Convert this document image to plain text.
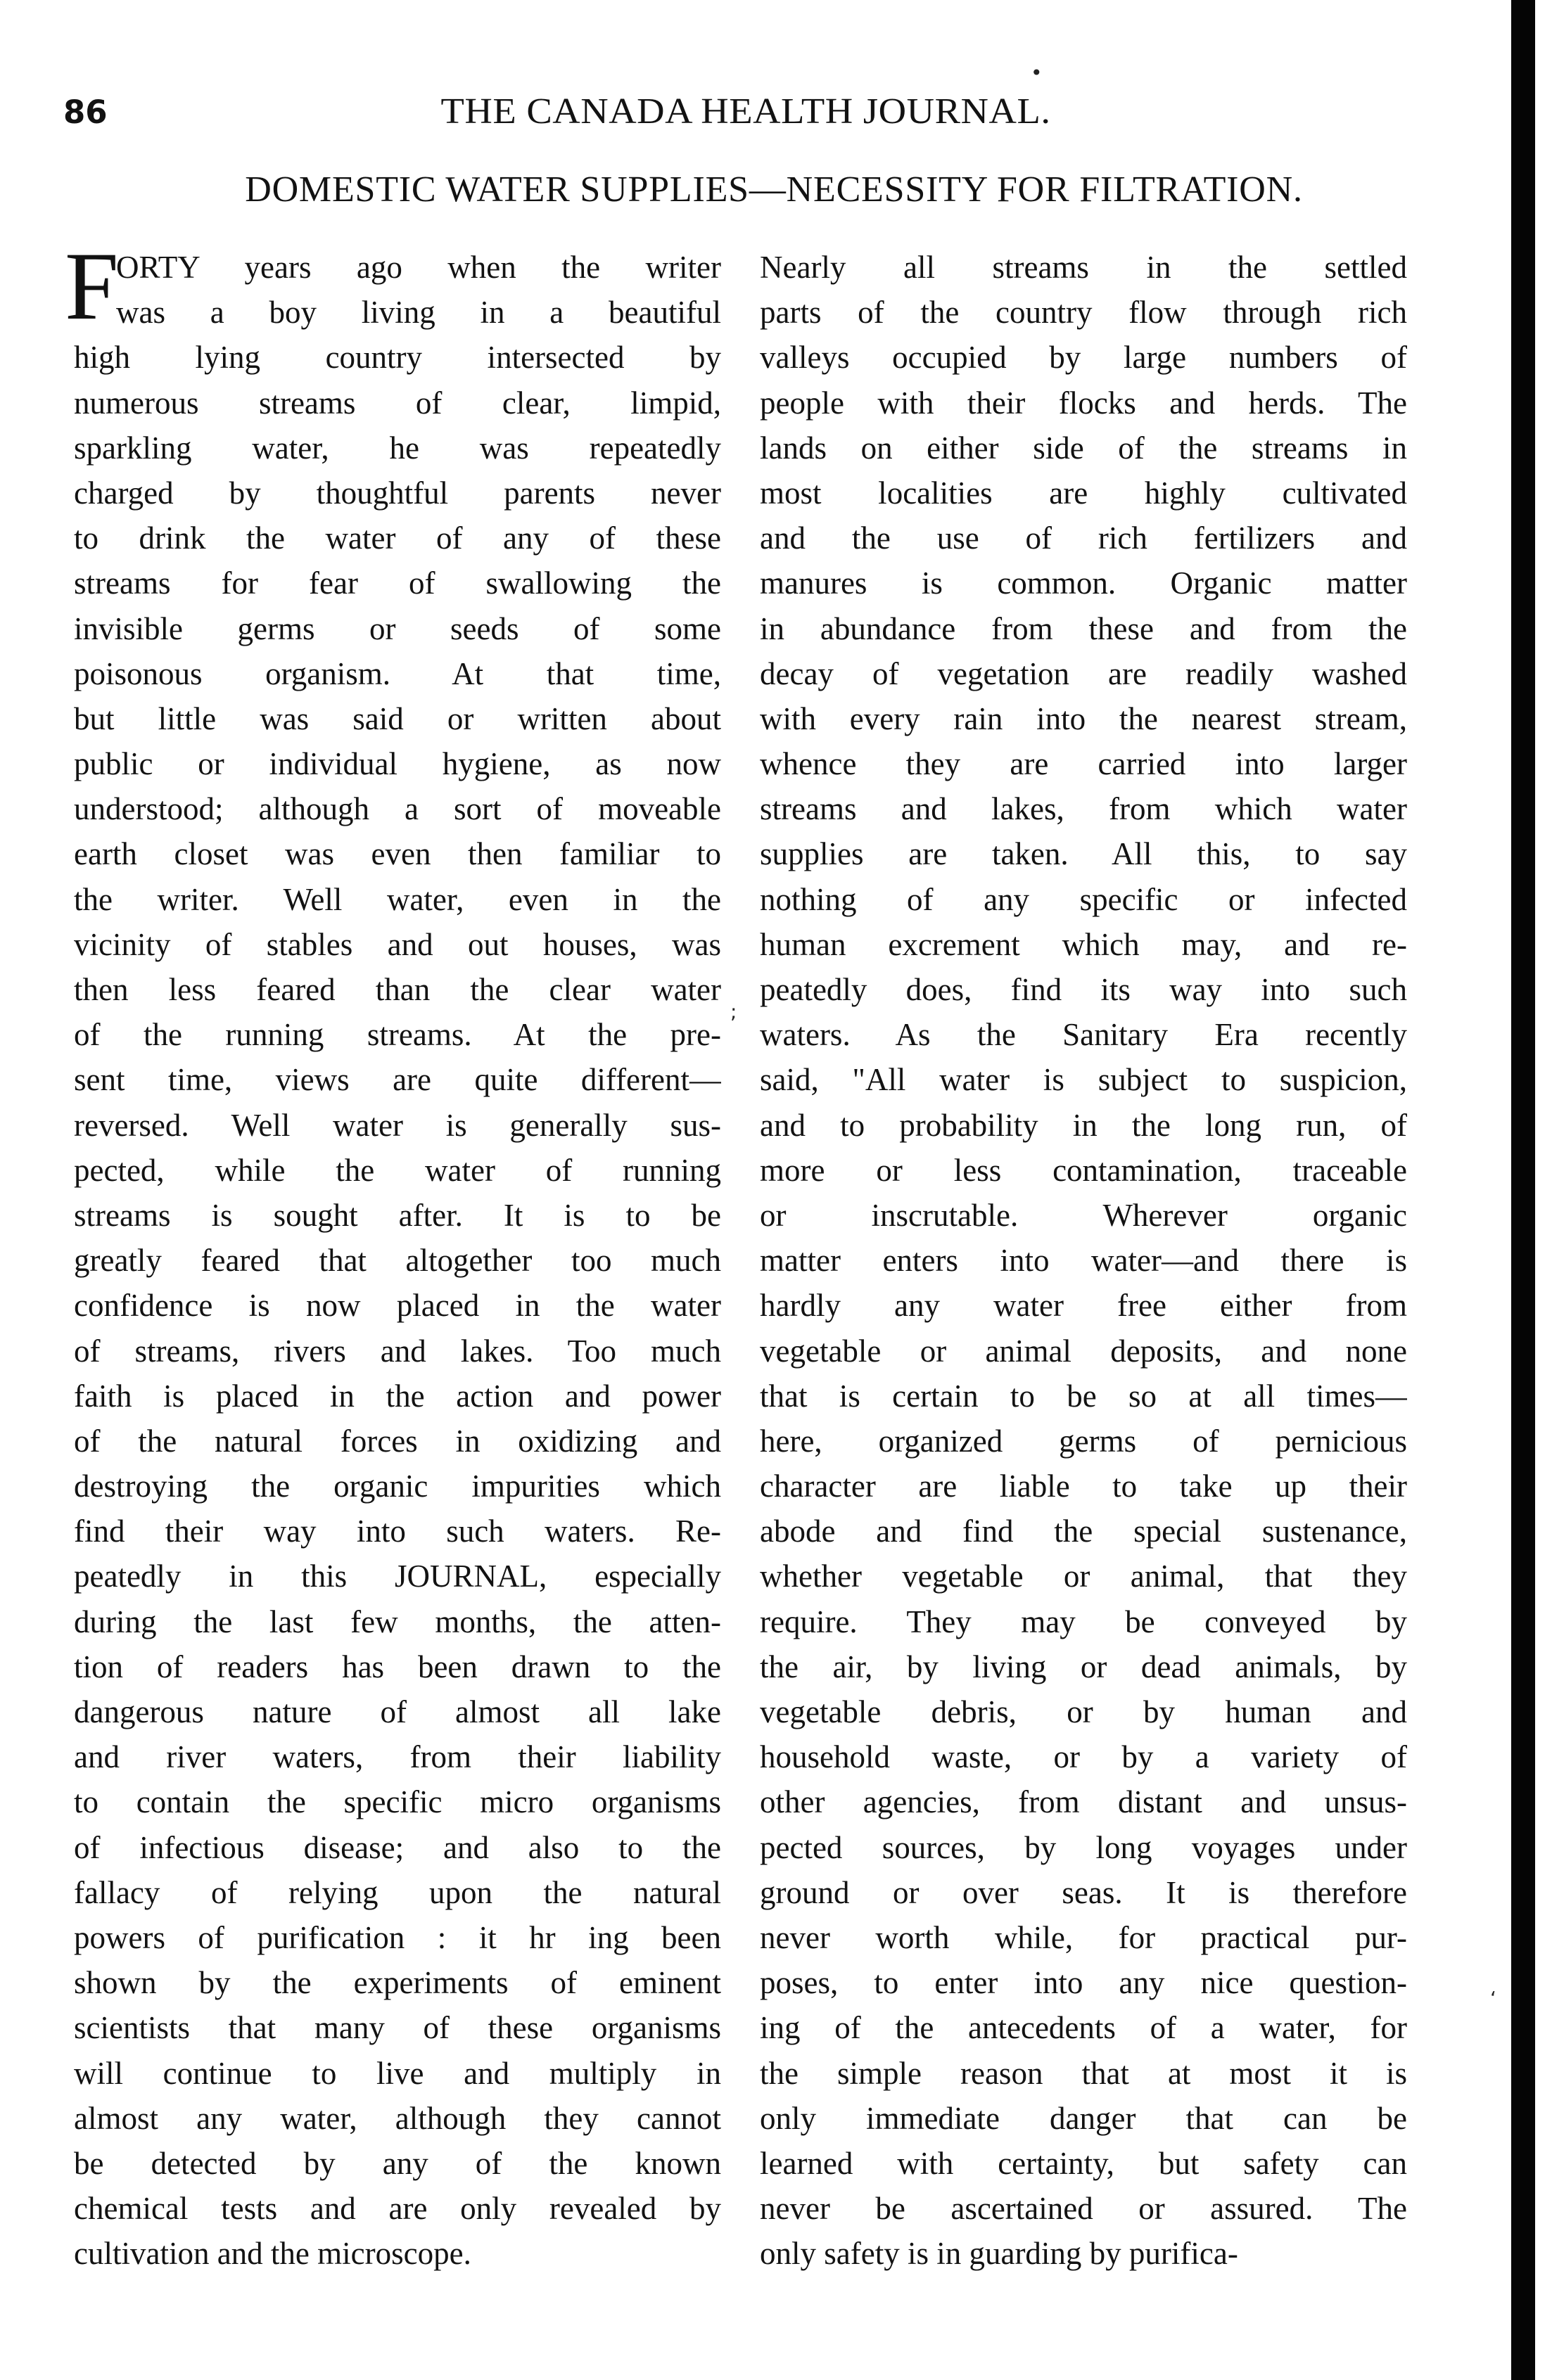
86	THE CANADA HEALTH JOURNAL.
DOMESTIC WATER SUPPLIES—NECESSITY FOR FILTRATION.
F
ORTY years ago when the writer
was a boy living in a beautiful
high lying country intersected by
numerous streams of clear, limpid,
sparkling water, he was repeatedly
charged by thoughtful parents never
to drink the water of any of these
streams for fear of swallowing the
invisible germs or seeds of some
poisonous organism. At that time,
but little was said or written about
public or individual hygiene, as now
understood; although a sort of moveable
earth closet was even then familiar to
the writer. Well water, even in the
vicinity of stables and out houses, was
then less feared than the clear water
of the running streams. At the pre-
sent time, views are quite different—
reversed. Well water is generally sus-
pected, while the water of running
streams is sought after. It is to be
greatly feared that altogether too much
confidence is now placed in the water
of streams, rivers and lakes. Too much
faith is placed in the action and power
of the natural forces in oxidizing and
destroying the organic impurities which
find their way into such waters. Re-
peatedly in this JOURNAL, especially
during the last few months, the atten-
tion of readers has been drawn to the
dangerous nature of almost all lake
and river waters, from their liability
to contain the specific micro organisms
of infectious disease; and also to the
fallacy of relying upon the natural
powers of purification : it hr ing been
shown by the experiments of eminent
scientists that many of these organisms
will continue to live and multiply in
almost any water, although they cannot
be detected by any of the known
chemical tests and are only revealed by
cultivation and the microscope.
Nearly all streams in the settled
parts of the country flow through rich
valleys occupied by large numbers of
people with their flocks and herds. The
lands on either side of the streams in
most localities are highly cultivated
and the use of rich fertilizers and
manures is common. Organic matter
in abundance from these and from the
decay of vegetation are readily washed
with every rain into the nearest stream,
whence they are carried into larger
streams and lakes, from which water
supplies are taken. All this, to say
nothing of any specific or infected
human excrement which may, and re-
peatedly does, find its way into such
waters. As the Sanitary Era recently
said, "All water is subject to suspicion,
and to probability in the long run, of
more or less contamination, traceable
or inscrutable. Wherever organic
matter enters into water—and there is
hardly any water free either from
vegetable or animal deposits, and none
that is certain to be so at all times—
here, organized germs of pernicious
character are liable to take up their
abode and find the special sustenance,
whether vegetable or animal, that they
require. They may be conveyed by
the air, by living or dead animals, by
vegetable debris, or by human and
household waste, or by a variety of
other agencies, from distant and unsus-
pected sources, by long voyages under
ground or over seas. It is therefore
never worth while, for practical pur-
poses, to enter into any nice question-
ing of the antecedents of a water, for
the simple reason that at most it is
only immediate danger that can be
learned with certainty, but safety can
never be ascertained or assured. The
only safety is in guarding by purifica-
•
;
‘
